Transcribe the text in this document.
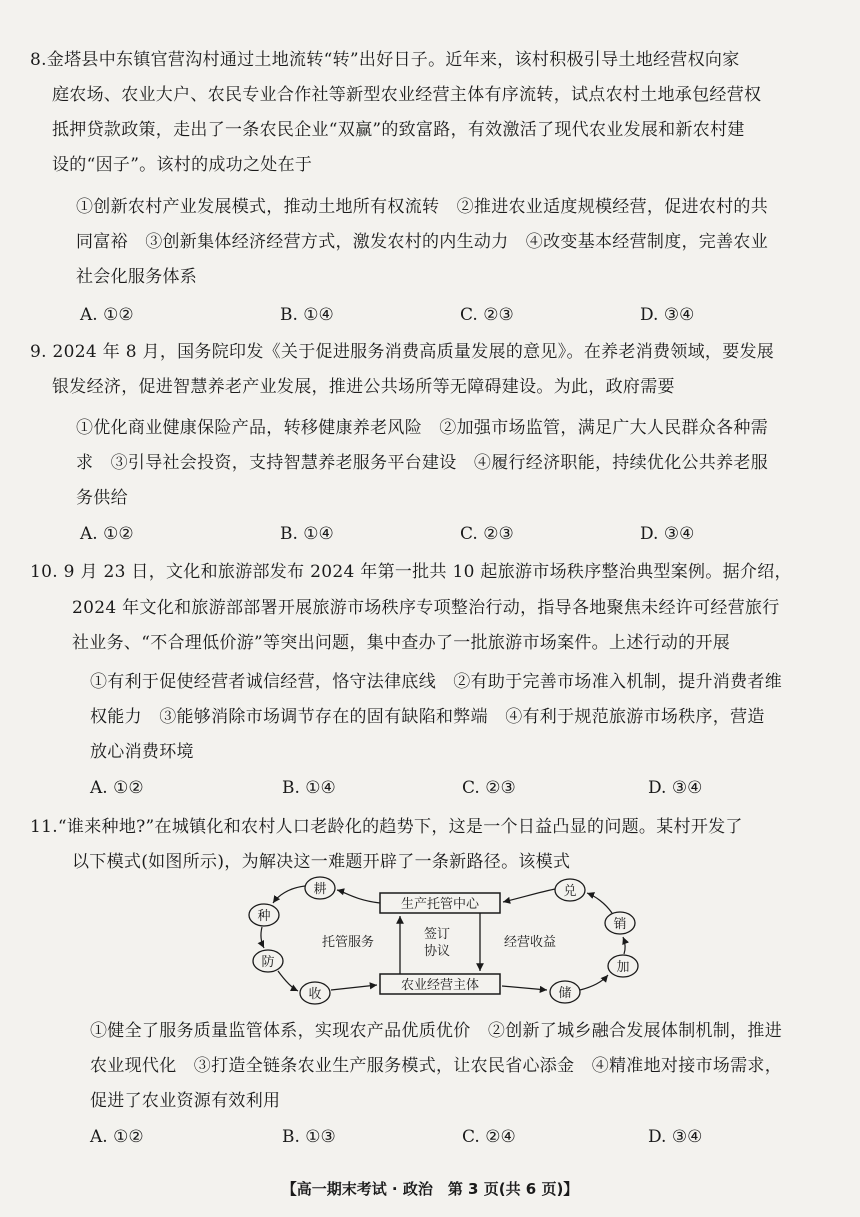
8.金塔县中东镇官营沟村通过土地流转“转”出好日子。近年来，该村积极引导土地经营权向家
庭农场、农业大户、农民专业合作社等新型农业经营主体有序流转，试点农村土地承包经营权
抵押贷款政策，走出了一条农民企业“双赢”的致富路，有效激活了现代农业发展和新农村建
设的“因子”。该村的成功之处在于
①创新农村产业发展模式，推动土地所有权流转　②推进农业适度规模经营，促进农村的共
同富裕　③创新集体经济经营方式，激发农村的内生动力　④改变基本经营制度，完善农业
社会化服务体系
A. ①②	B. ①④	C. ②③	D. ③④
9. 2024 年 8 月，国务院印发《关于促进服务消费高质量发展的意见》。在养老消费领域，要发展
银发经济，促进智慧养老产业发展，推进公共场所等无障碍建设。为此，政府需要
①优化商业健康保险产品，转移健康养老风险　②加强市场监管，满足广大人民群众各种需
求　③引导社会投资，支持智慧养老服务平台建设　④履行经济职能，持续优化公共养老服
务供给
A. ①②	B. ①④	C. ②③	D. ③④
10. 9 月 23 日，文化和旅游部发布 2024 年第一批共 10 起旅游市场秩序整治典型案例。据介绍，
2024 年文化和旅游部部署开展旅游市场秩序专项整治行动，指导各地聚焦未经许可经营旅行
社业务、“不合理低价游”等突出问题，集中查办了一批旅游市场案件。上述行动的开展
①有利于促使经营者诚信经营，恪守法律底线　②有助于完善市场准入机制，提升消费者维
权能力　③能够消除市场调节存在的固有缺陷和弊端　④有利于规范旅游市场秩序，营造
放心消费环境
A. ①②	B. ①④	C. ②③	D. ③④
11.“谁来种地?”在城镇化和农村人口老龄化的趋势下，这是一个日益凸显的问题。某村开发了
以下模式(如图所示)，为解决这一难题开辟了一条新路径。该模式
生产托管中心
农业经营主体
签订
协议
托管服务	经营收益
耕
种
防
收
兑
销
加
储
①健全了服务质量监管体系，实现农产品优质优价　②创新了城乡融合发展体制机制，推进
农业现代化　③打造全链条农业生产服务模式，让农民省心添金　④精准地对接市场需求，
促进了农业资源有效利用
A. ①②	B. ①③	C. ②④	D. ③④
【高一期末考试 · 政治　第 3 页(共 6 页)】
